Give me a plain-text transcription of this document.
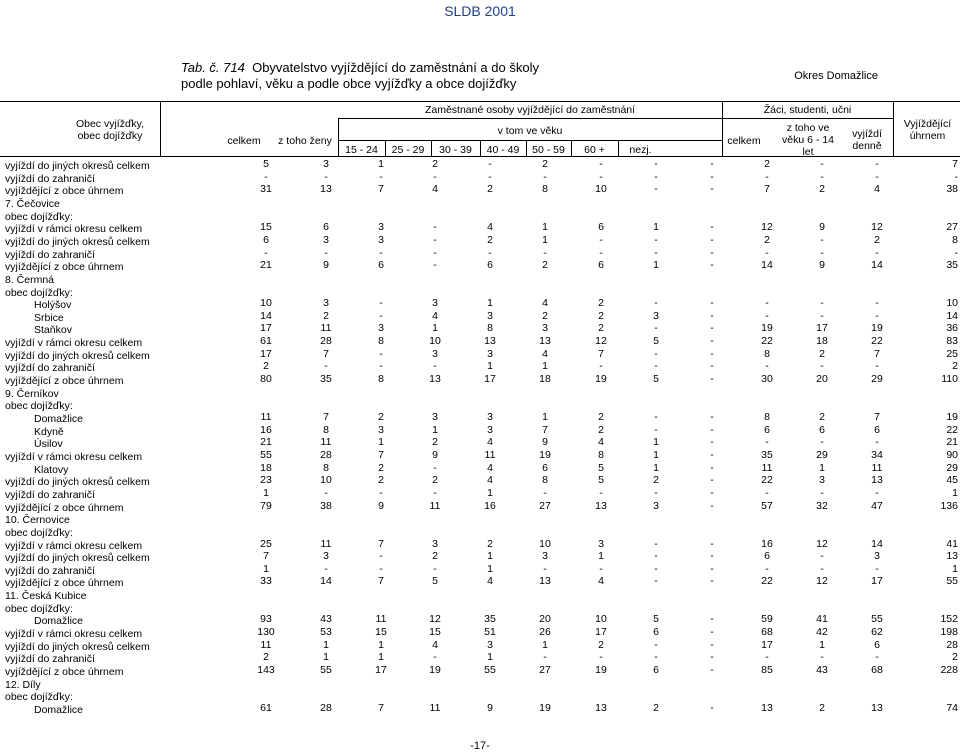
SLDB 2001
Tab. č. 714 Obyvatelstvo vyjíždějící do zaměstnání a do školy
podle pohlaví, věku a podle obce vyjížďky a obce dojížďky	Okres Domažlice
Obec vyjížďky,
obec dojížďky
Zaměstnané osoby vyjíždějící do zaměstnání	Žáci, studenti, učni
Vyjíždějící
úhrnem
celkem	z toho ženy
v tom ve věku
celkem
z toho ve
věku 6 - 14
let
vyjíždí
denně
15 - 24	25 - 29	30 - 39	40 - 49	50 - 59	60 +	nezj.
vyjíždí do jiných okresů celkem	5	3	1	2	-	2	-	-	-	2	-	-	7
vyjíždí do zahraničí	-	-	-	-	-	-	-	-	-	-	-	-	-
vyjíždějící z obce úhrnem	31	13	7	4	2	8	10	-	-	7	2	4	38
7. Čečovice
obec dojížďky:
vyjíždí v rámci okresu celkem	15	6	3	-	4	1	6	1	-	12	9	12	27
vyjíždí do jiných okresů celkem	6	3	3	-	2	1	-	-	-	2	-	2	8
vyjíždí do zahraničí	-	-	-	-	-	-	-	-	-	-	-	-	-
vyjíždějící z obce úhrnem	21	9	6	-	6	2	6	1	-	14	9	14	35
8. Čermná
obec dojížďky:
Holýšov	10	3	-	3	1	4	2	-	-	-	-	-	10
Srbice	14	2	-	4	3	2	2	3	-	-	-	-	14
Staňkov	17	11	3	1	8	3	2	-	-	19	17	19	36
vyjíždí v rámci okresu celkem	61	28	8	10	13	13	12	5	-	22	18	22	83
vyjíždí do jiných okresů celkem	17	7	-	3	3	4	7	-	-	8	2	7	25
vyjíždí do zahraničí	2	-	-	-	1	1	-	-	-	-	-	-	2
vyjíždějící z obce úhrnem	80	35	8	13	17	18	19	5	-	30	20	29	110
9. Černíkov
obec dojížďky:
Domažlice	11	7	2	3	3	1	2	-	-	8	2	7	19
Kdyně	16	8	3	1	3	7	2	-	-	6	6	6	22
Úsilov	21	11	1	2	4	9	4	1	-	-	-	-	21
vyjíždí v rámci okresu celkem	55	28	7	9	11	19	8	1	-	35	29	34	90
Klatovy	18	8	2	-	4	6	5	1	-	11	1	11	29
vyjíždí do jiných okresů celkem	23	10	2	2	4	8	5	2	-	22	3	13	45
vyjíždí do zahraničí	1	-	-	-	1	-	-	-	-	-	-	-	1
vyjíždějící z obce úhrnem	79	38	9	11	16	27	13	3	-	57	32	47	136
10. Černovice
obec dojížďky:
vyjíždí v rámci okresu celkem	25	11	7	3	2	10	3	-	-	16	12	14	41
vyjíždí do jiných okresů celkem	7	3	-	2	1	3	1	-	-	6	-	3	13
vyjíždí do zahraničí	1	-	-	-	1	-	-	-	-	-	-	-	1
vyjíždějící z obce úhrnem	33	14	7	5	4	13	4	-	-	22	12	17	55
11. Česká Kubice
obec dojížďky:
Domažlice	93	43	11	12	35	20	10	5	-	59	41	55	152
vyjíždí v rámci okresu celkem	130	53	15	15	51	26	17	6	-	68	42	62	198
vyjíždí do jiných okresů celkem	11	1	1	4	3	1	2	-	-	17	1	6	28
vyjíždí do zahraničí	2	1	1	-	1	-	-	-	-	-	-	-	2
vyjíždějící z obce úhrnem	143	55	17	19	55	27	19	6	-	85	43	68	228
12. Díly
obec dojížďky:
Domažlice	61	28	7	11	9	19	13	2	-	13	2	13	74
-17-
